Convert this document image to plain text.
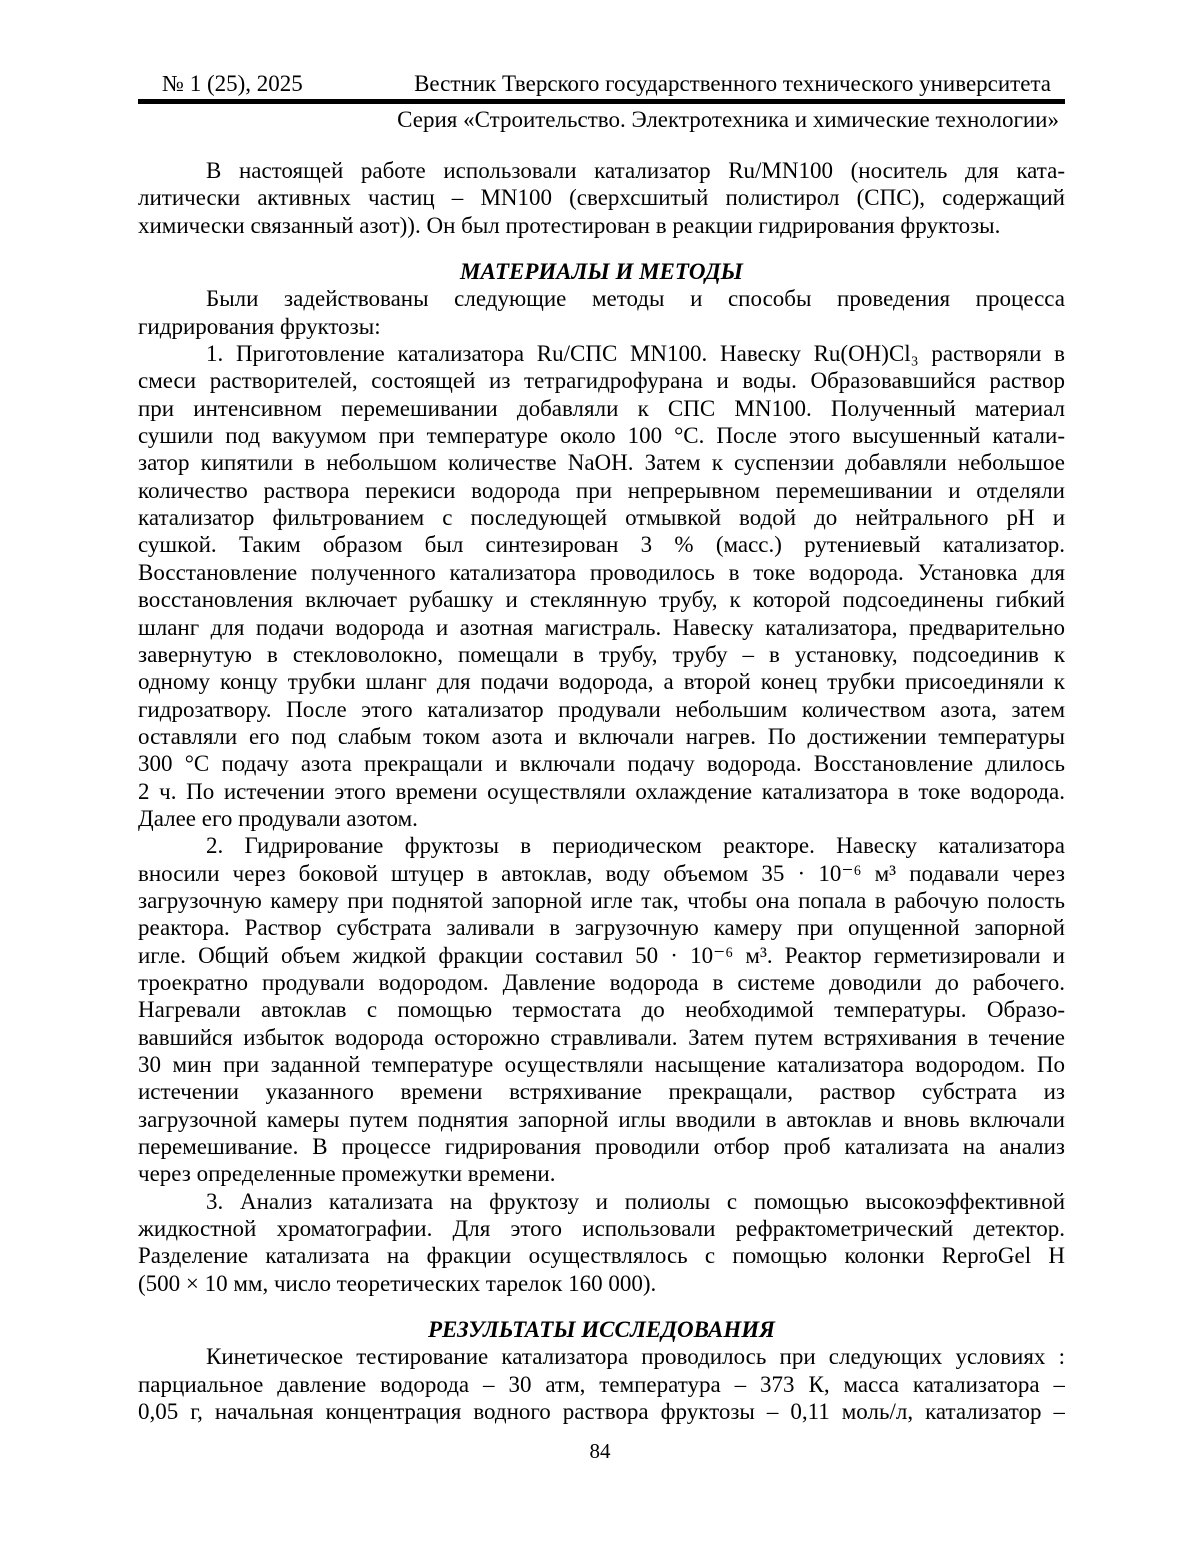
№ 1 (25), 2025	Вестник Тверского государственного технического университета
Серия «Строительство. Электротехника и химические технологии»
В настоящей работе использовали катализатор Ru/MN100 (носитель для ката-
литически активных частиц – MN100 (сверхсшитый полистирол (СПС), содержащий
химически связанный азот)). Он был протестирован в реакции гидрирования фруктозы.
МАТЕРИАЛЫ И МЕТОДЫ
Были задействованы следующие методы и способы проведения процесса
гидрирования фруктозы:
1. Приготовление катализатора Ru/СПС MN100. Навеску Ru(OH)Cl₃ растворяли в
смеси растворителей, состоящей из тетрагидрофурана и воды. Образовавшийся раствор
при интенсивном перемешивании добавляли к СПС MN100. Полученный материал
сушили под вакуумом при температуре около 100 °C. После этого высушенный катали-
затор кипятили в небольшом количестве NaOH. Затем к суспензии добавляли небольшое
количество раствора перекиси водорода при непрерывном перемешивании и отделяли
катализатор фильтрованием с последующей отмывкой водой до нейтрального pH и
сушкой. Таким образом был синтезирован 3 % (масс.) рутениевый катализатор.
Восстановление полученного катализатора проводилось в токе водорода. Установка для
восстановления включает рубашку и стеклянную трубу, к которой подсоединены гибкий
шланг для подачи водорода и азотная магистраль. Навеску катализатора, предварительно
завернутую в стекловолокно, помещали в трубу, трубу – в установку, подсоединив к
одному концу трубки шланг для подачи водорода, а второй конец трубки присоединяли к
гидрозатвору. После этого катализатор продували небольшим количеством азота, затем
оставляли его под слабым током азота и включали нагрев. По достижении температуры
300 °C подачу азота прекращали и включали подачу водорода. Восстановление длилось
2 ч. По истечении этого времени осуществляли охлаждение катализатора в токе водорода.
Далее его продували азотом.
2. Гидрирование фруктозы в периодическом реакторе. Навеску катализатора
вносили через боковой штуцер в автоклав, воду объемом 35 · 10⁻⁶ м³ подавали через
загрузочную камеру при поднятой запорной игле так, чтобы она попала в рабочую полость
реактора. Раствор субстрата заливали в загрузочную камеру при опущенной запорной
игле. Общий объем жидкой фракции составил 50 · 10⁻⁶ м³. Реактор герметизировали и
троекратно продували водородом. Давление водорода в системе доводили до рабочего.
Нагревали автоклав с помощью термостата до необходимой температуры. Образо-
вавшийся избыток водорода осторожно стравливали. Затем путем встряхивания в течение
30 мин при заданной температуре осуществляли насыщение катализатора водородом. По
истечении указанного времени встряхивание прекращали, раствор субстрата из
загрузочной камеры путем поднятия запорной иглы вводили в автоклав и вновь включали
перемешивание. В процессе гидрирования проводили отбор проб катализата на анализ
через определенные промежутки времени.
3. Анализ катализата на фруктозу и полиолы с помощью высокоэффективной
жидкостной хроматографии. Для этого использовали рефрактометрический детектор.
Разделение катализата на фракции осуществлялось с помощью колонки ReproGel H
(500 × 10 мм, число теоретических тарелок 160 000).
РЕЗУЛЬТАТЫ ИССЛЕДОВАНИЯ
Кинетическое тестирование катализатора проводилось при следующих условиях :
парциальное давление водорода – 30 атм, температура – 373 К, масса катализатора –
0,05 г, начальная концентрация водного раствора фруктозы – 0,11 моль/л, катализатор –
84
